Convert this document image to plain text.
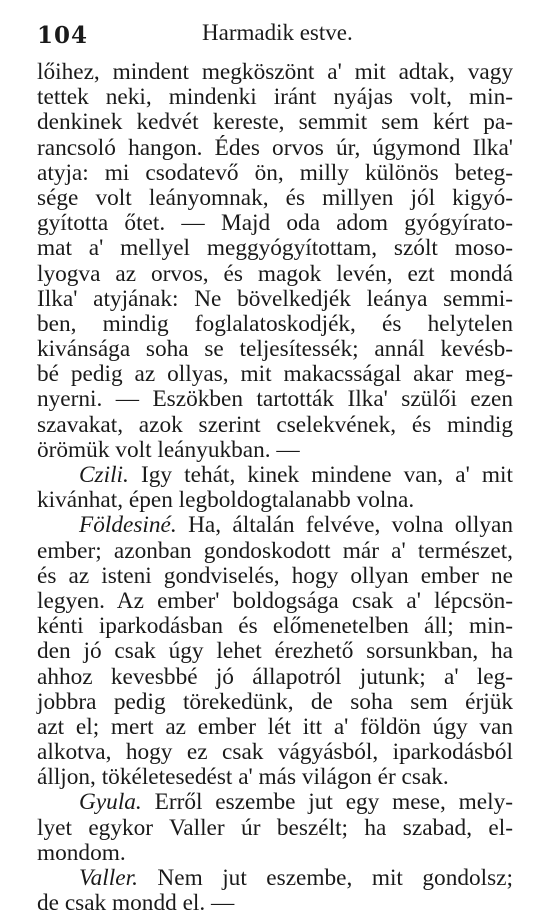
104	Harmadik estve.
lőihez, mindent megköszönt a' mit adtak, vagy
tettek neki, mindenki iránt nyájas volt, min-
denkinek kedvét kereste, semmit sem kért pa-
rancsoló hangon. Édes orvos úr, úgymond Ilka'
atyja: mi csodatevő ön, milly különös beteg-
sége volt leányomnak, és millyen jól kigyó-
gyította őtet. — Majd oda adom gyógyírato-
mat a' mellyel meggyógyítottam, szólt moso-
lyogva az orvos, és magok levén, ezt mondá
Ilka' atyjának: Ne bövelkedjék leánya semmi-
ben, mindig foglalatoskodjék, és helytelen
kivánsága soha se teljesítessék; annál kevésb-
bé pedig az ollyas, mit makacsságal akar meg-
nyerni. — Eszökben tartották Ilka' szülői ezen
szavakat, azok szerint cselekvének, és mindig
örömük volt leányukban. —
Czili. Igy tehát, kinek mindene van, a' mit
kivánhat, épen legboldogtalanabb volna.
Földesiné. Ha, általán felvéve, volna ollyan
ember; azonban gondoskodott már a' természet,
és az isteni gondviselés, hogy ollyan ember ne
legyen. Az ember' boldogsága csak a' lépcsön-
kénti iparkodásban és előmenetelben áll; min-
den jó csak úgy lehet érezhető sorsunkban, ha
ahhoz kevesbbé jó állapotról jutunk; a' leg-
jobbra pedig törekedünk, de soha sem érjük
azt el; mert az ember lét itt a' földön úgy van
alkotva, hogy ez csak vágyásból, iparkodásból
álljon, tökéletesedést a' más világon ér csak.
Gyula. Erről eszembe jut egy mese, mely-
lyet egykor Valler úr beszélt; ha szabad, el-
mondom.
Valler. Nem jut eszembe, mit gondolsz;
de csak mondd el. —
